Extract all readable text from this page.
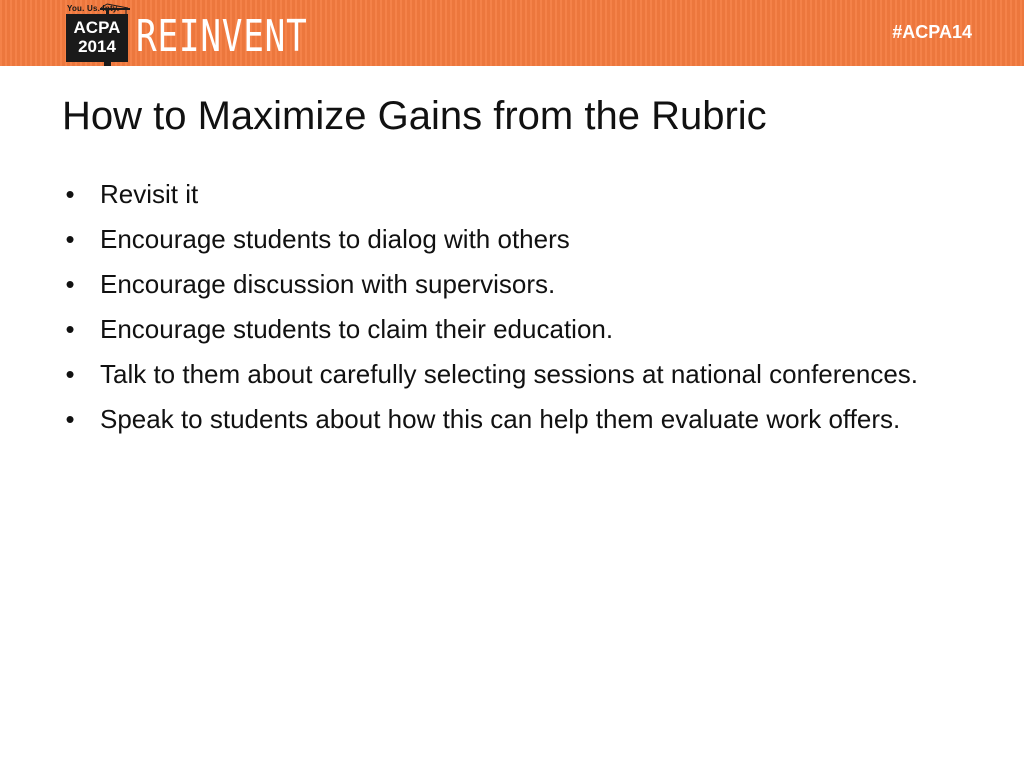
You. Us. Inty.
ACPA
2014 REINVENT	#ACPA14
How to Maximize Gains from the Rubric
• Revisit it
• Encourage students to dialog with others
• Encourage discussion with supervisors.
• Encourage students to claim their education.
• Talk to them about carefully selecting sessions at national conferences.
• Speak to students about how this can help them evaluate work offers.
